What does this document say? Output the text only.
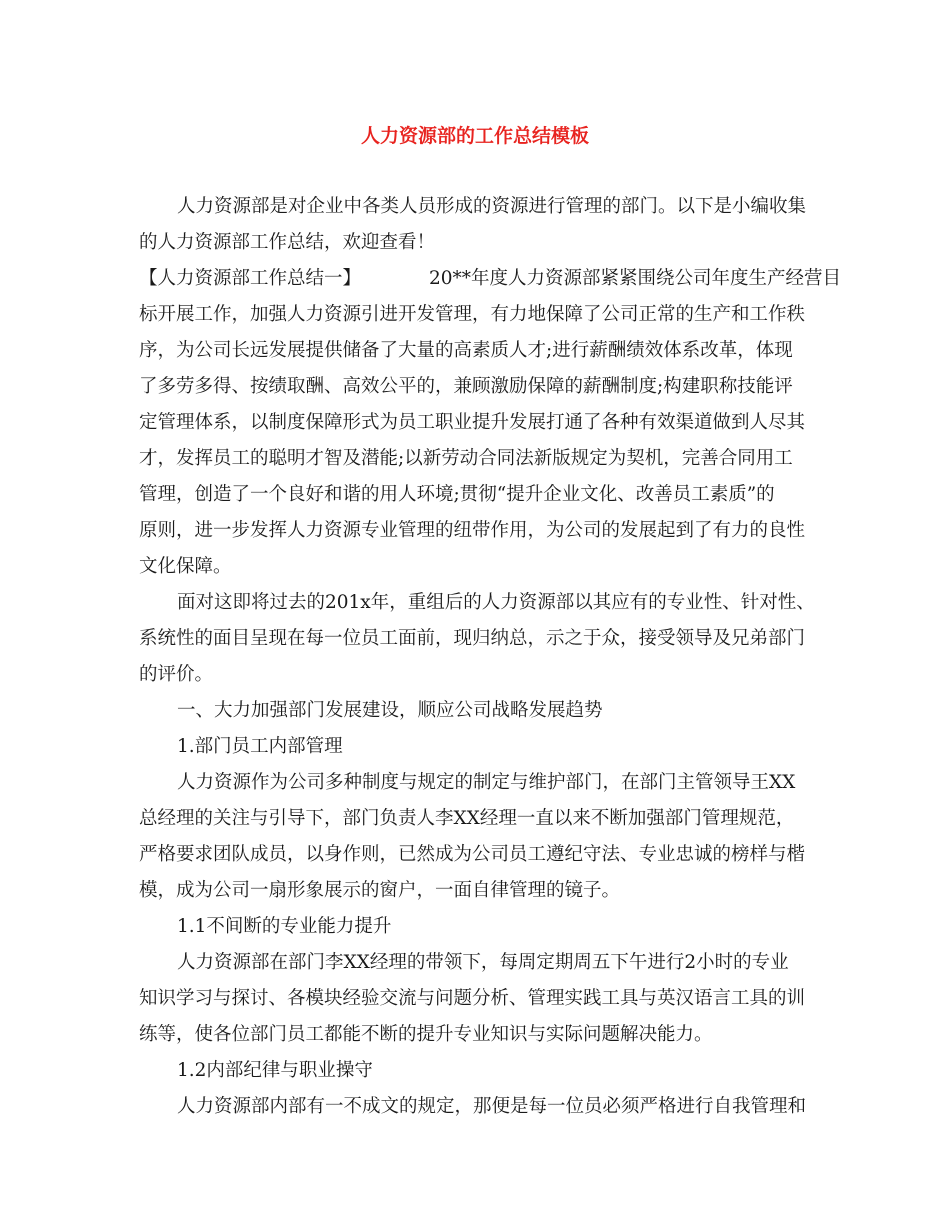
人力资源部的工作总结模板

人力资源部是对企业中各类人员形成的资源进行管理的部门。以下是小编收集

的人力资源部工作总结，欢迎查看！

【人力资源部工作总结一】	20**年度人力资源部紧紧围绕公司年度生产经营目

标开展工作，加强人力资源引进开发管理，有力地保障了公司正常的生产和工作秩

序，为公司长远发展提供储备了大量的高素质人才;进行薪酬绩效体系改革，体现

了多劳多得、按绩取酬、高效公平的，兼顾激励保障的薪酬制度;构建职称技能评

定管理体系，以制度保障形式为员工职业提升发展打通了各种有效渠道做到人尽其

才，发挥员工的聪明才智及潜能;以新劳动合同法新版规定为契机，完善合同用工

管理，创造了一个良好和谐的用人环境;贯彻“提升企业文化、改善员工素质”的

原则，进一步发挥人力资源专业管理的纽带作用，为公司的发展起到了有力的良性

文化保障。

面对这即将过去的201x年，重组后的人力资源部以其应有的专业性、针对性、

系统性的面目呈现在每一位员工面前，现归纳总，示之于众，接受领导及兄弟部门

的评价。

一、大力加强部门发展建设，顺应公司战略发展趋势

1.部门员工内部管理

人力资源作为公司多种制度与规定的制定与维护部门，在部门主管领导王XX

总经理的关注与引导下，部门负责人李XX经理一直以来不断加强部门管理规范，

严格要求团队成员，以身作则，已然成为公司员工遵纪守法、专业忠诚的榜样与楷

模，成为公司一扇形象展示的窗户，一面自律管理的镜子。

1.1不间断的专业能力提升

人力资源部在部门李XX经理的带领下，每周定期周五下午进行2小时的专业

知识学习与探讨、各模块经验交流与问题分析、管理实践工具与英汉语言工具的训

练等，使各位部门员工都能不断的提升专业知识与实际问题解决能力。

1.2内部纪律与职业操守

人力资源部内部有一不成文的规定，那便是每一位员必须严格进行自我管理和
